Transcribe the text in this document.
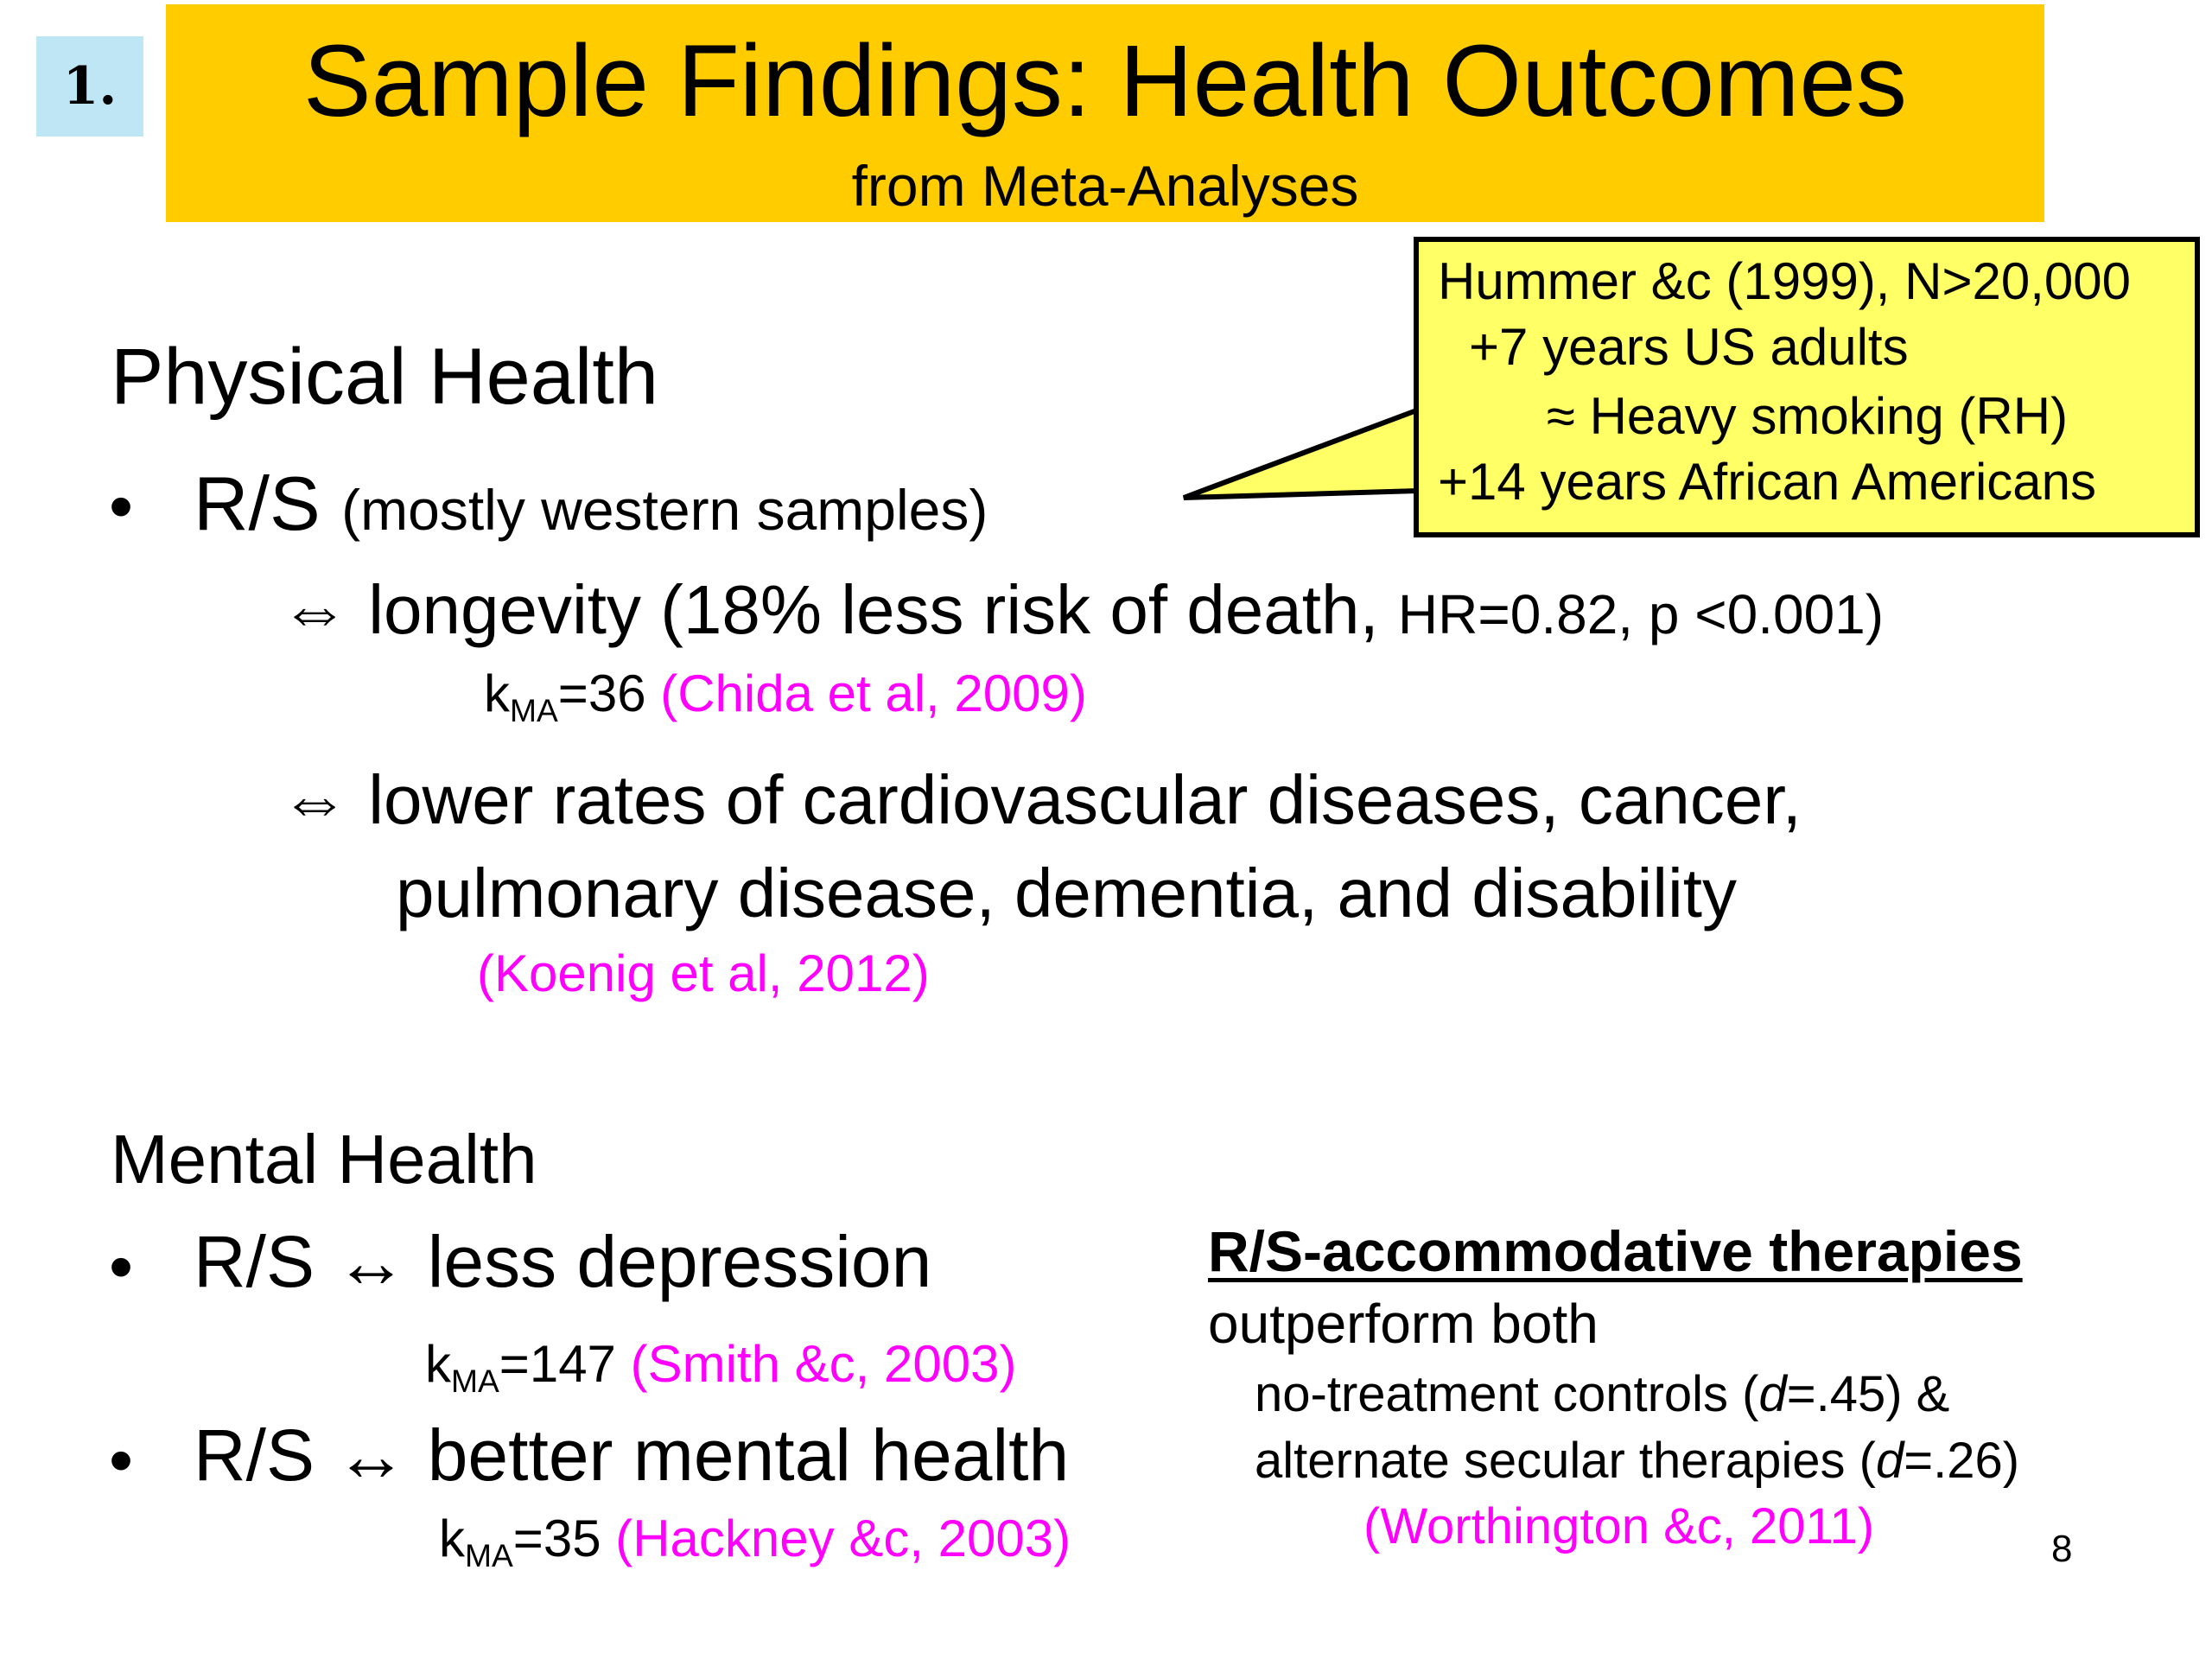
1.	Sample Findings: Health Outcomes
from Meta-Analyses
Hummer &c (1999), N>20,000
+7 years US adults
≈ Heavy smoking (RH)
+14 years African Americans
Physical Health
• R/S (mostly western samples)
⇔ longevity (18% less risk of death, HR=0.82, p <0.001)
$k_{MA}=36$ (Chida et al, 2009)
⇔ lower rates of cardiovascular diseases, cancer,
pulmonary disease, dementia, and disability
(Koenig et al, 2012)
Mental Health
• R/S ↔ less depression
$k_{MA}=147$ (Smith &c, 2003)
• R/S ↔ better mental health
$k_{MA}=35$ (Hackney &c, 2003)
R/S-accommodative therapies
outperform both
no-treatment controls (d=.45) &
alternate secular therapies (d=.26)
(Worthington &c, 2011)	8
